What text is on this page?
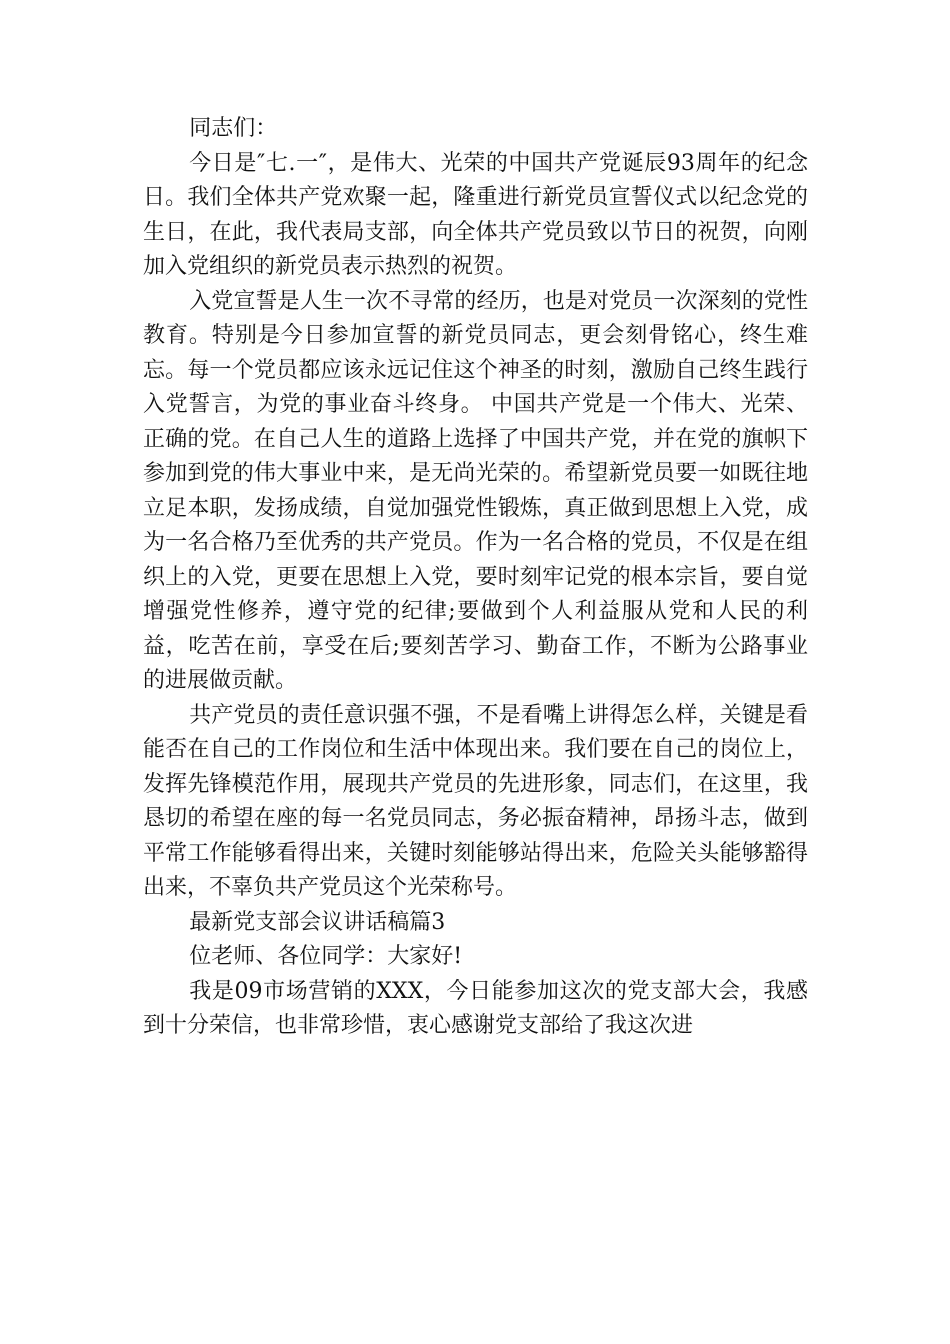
同志们：

今日是″七.一″，是伟大、光荣的中国共产党诞辰93周年的纪念日。我们全体共产党欢聚一起，隆重进行新党员宣誓仪式以纪念党的生日，在此，我代表局支部，向全体共产党员致以节日的祝贺，向刚加入党组织的新党员表示热烈的祝贺。

入党宣誓是人生一次不寻常的经历，也是对党员一次深刻的党性教育。特别是今日参加宣誓的新党员同志，更会刻骨铭心，终生难忘。每一个党员都应该永远记住这个神圣的时刻，激励自己终生践行入党誓言，为党的事业奋斗终身。 中国共产党是一个伟大、光荣、正确的党。在自己人生的道路上选择了中国共产党，并在党的旗帜下参加到党的伟大事业中来，是无尚光荣的。希望新党员要一如既往地立足本职，发扬成绩，自觉加强党性锻炼，真正做到思想上入党，成为一名合格乃至优秀的共产党员。作为一名合格的党员，不仅是在组织上的入党，更要在思想上入党，要时刻牢记党的根本宗旨，要自觉增强党性修养，遵守党的纪律;要做到个人利益服从党和人民的利益，吃苦在前，享受在后;要刻苦学习、勤奋工作，不断为公路事业的进展做贡献。

共产党员的责任意识强不强，不是看嘴上讲得怎么样，关键是看能否在自己的工作岗位和生活中体现出来。我们要在自己的岗位上，发挥先锋模范作用，展现共产党员的先进形象，同志们，在这里，我恳切的希望在座的每一名党员同志，务必振奋精神，昂扬斗志，做到平常工作能够看得出来，关键时刻能够站得出来，危险关头能够豁得出来，不辜负共产党员这个光荣称号。

最新党支部会议讲话稿篇3

位老师、各位同学：大家好!

我是09市场营销的XXX，今日能参加这次的党支部大会，我感到十分荣信，也非常珍惜，衷心感谢党支部给了我这次进
